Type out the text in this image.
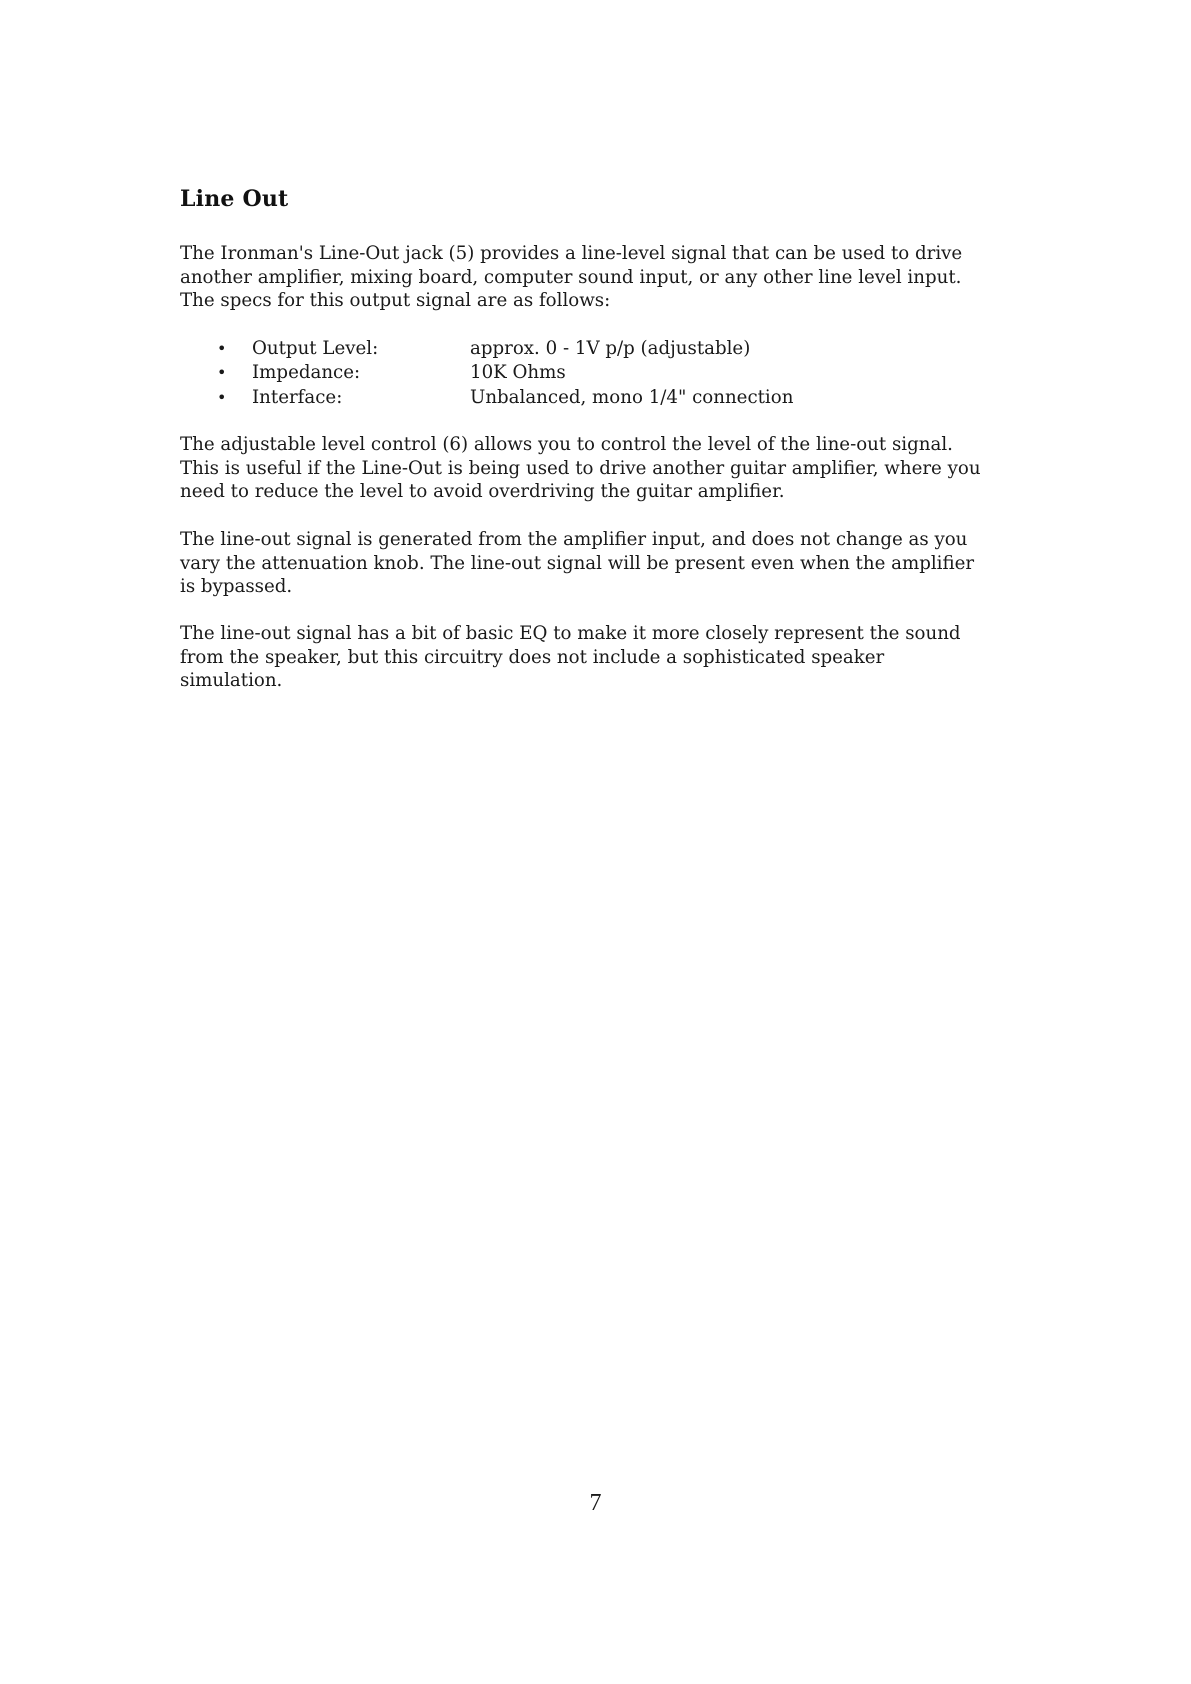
Line Out

The Ironman's Line-Out jack (5) provides a line-level signal that can be used to drive
another amplifier, mixing board, computer sound input, or any other line level input.
The specs for this output signal are as follows:

• Output Level:	approx. 0 - 1V p/p (adjustable)
• Impedance:	10K Ohms
• Interface:	Unbalanced, mono 1/4" connection

The adjustable level control (6) allows you to control the level of the line-out signal.
This is useful if the Line-Out is being used to drive another guitar amplifier, where you
need to reduce the level to avoid overdriving the guitar amplifier.

The line-out signal is generated from the amplifier input, and does not change as you
vary the attenuation knob. The line-out signal will be present even when the amplifier
is bypassed.

The line-out signal has a bit of basic EQ to make it more closely represent the sound
from the speaker, but this circuitry does not include a sophisticated speaker
simulation.

7
